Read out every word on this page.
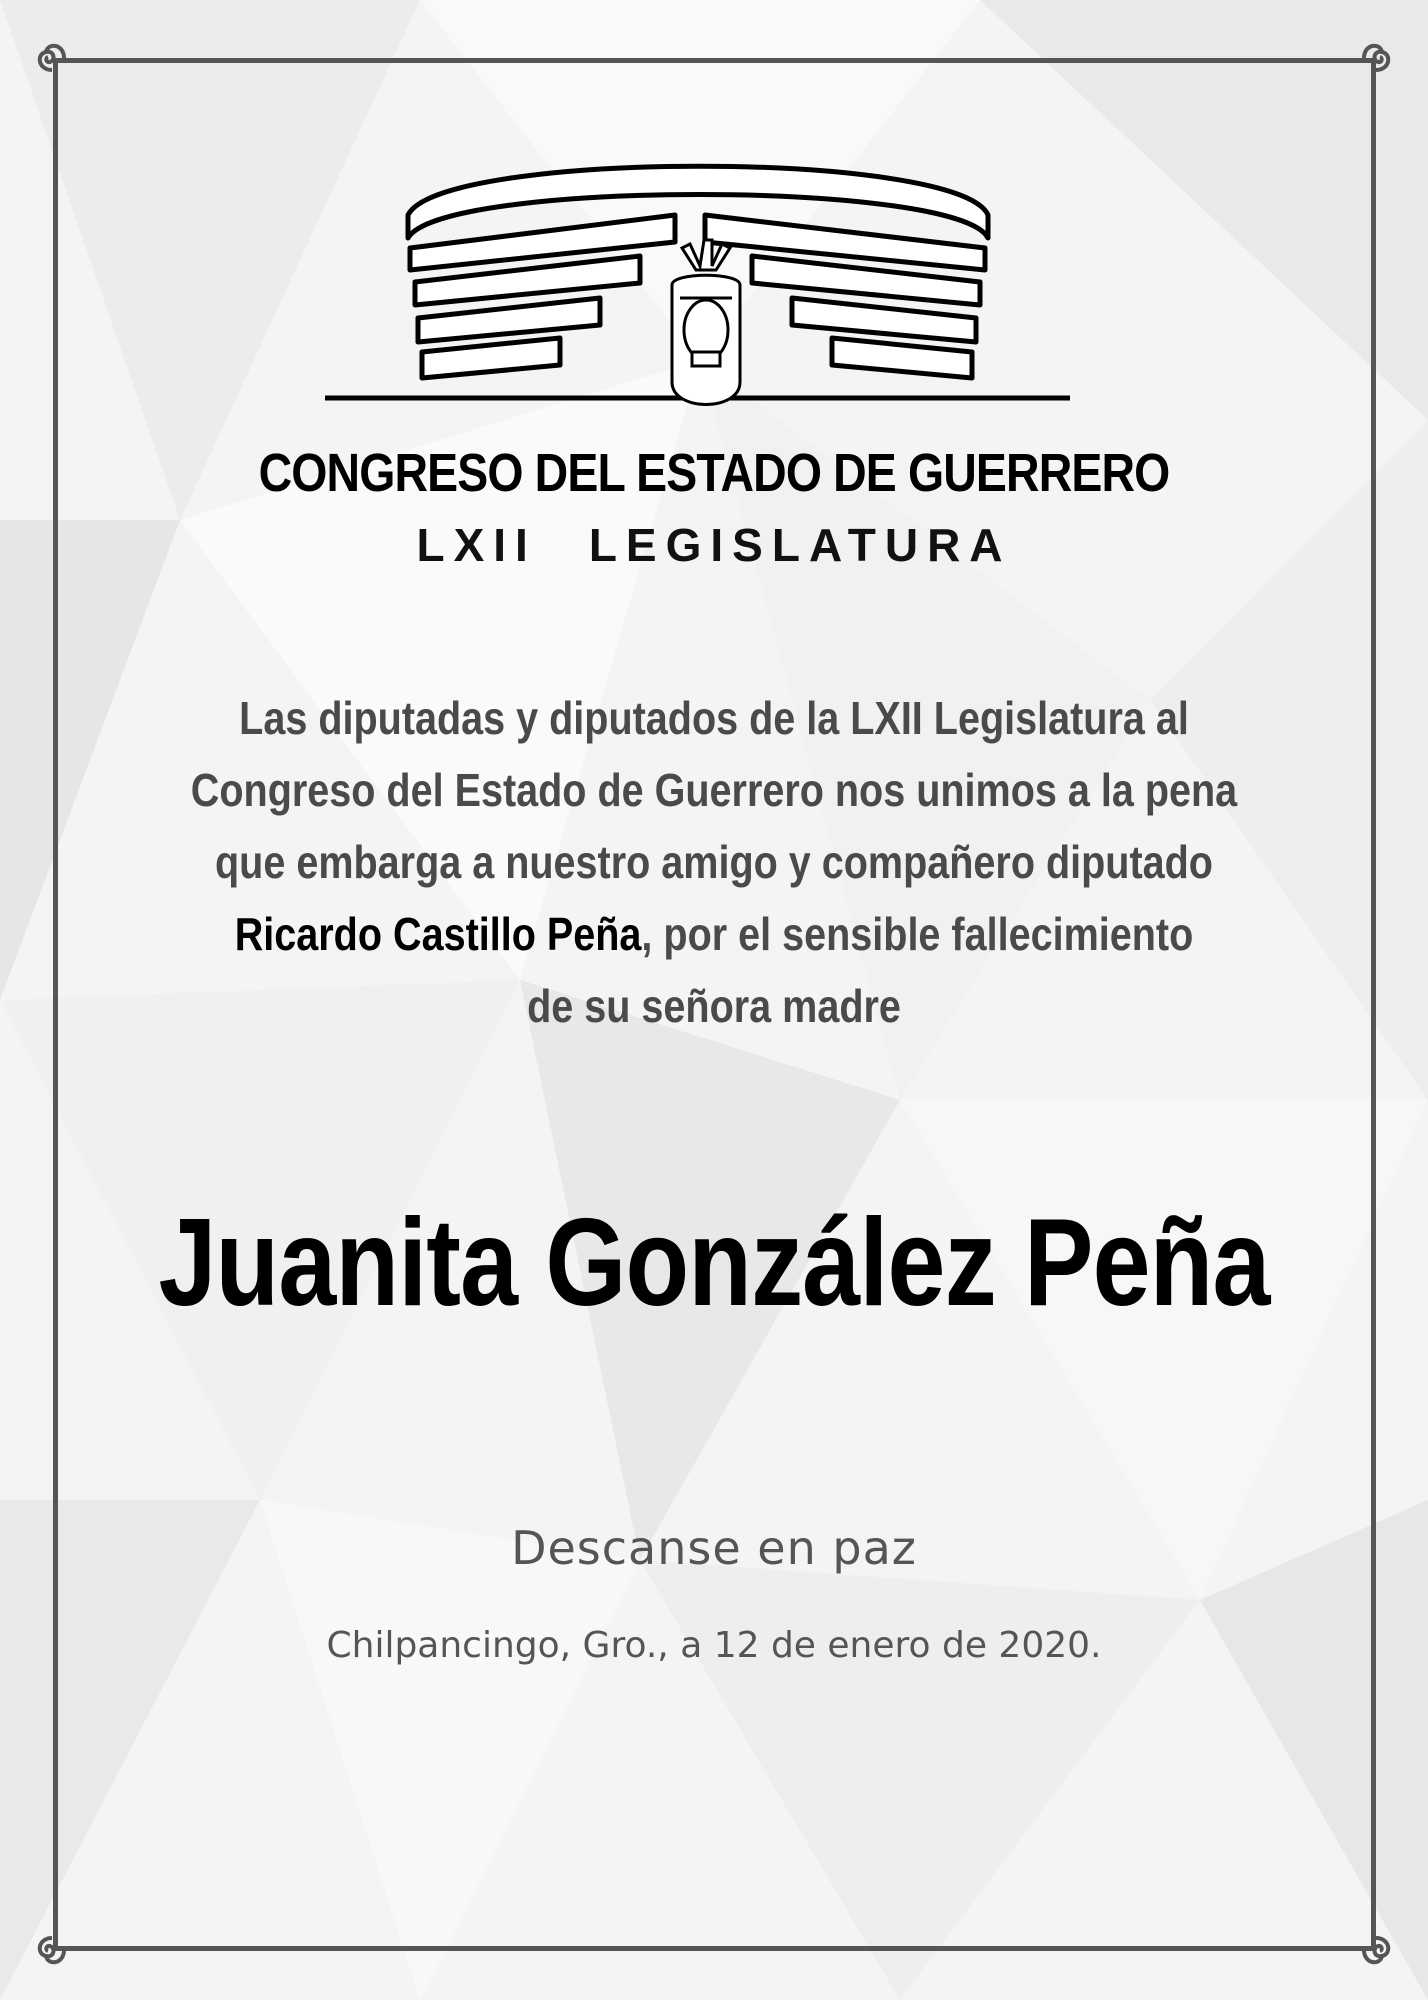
CONGRESO DEL ESTADO DE GUERRERO
LXII LEGISLATURA
Las diputadas y diputados de la LXII Legislatura al
Congreso del Estado de Guerrero nos unimos a la pena
que embarga a nuestro amigo y compañero diputado
Ricardo Castillo Peña, por el sensible fallecimiento
de su señora madre
Juanita González Peña
Descanse en paz
Chilpancingo, Gro., a 12 de enero de 2020.
